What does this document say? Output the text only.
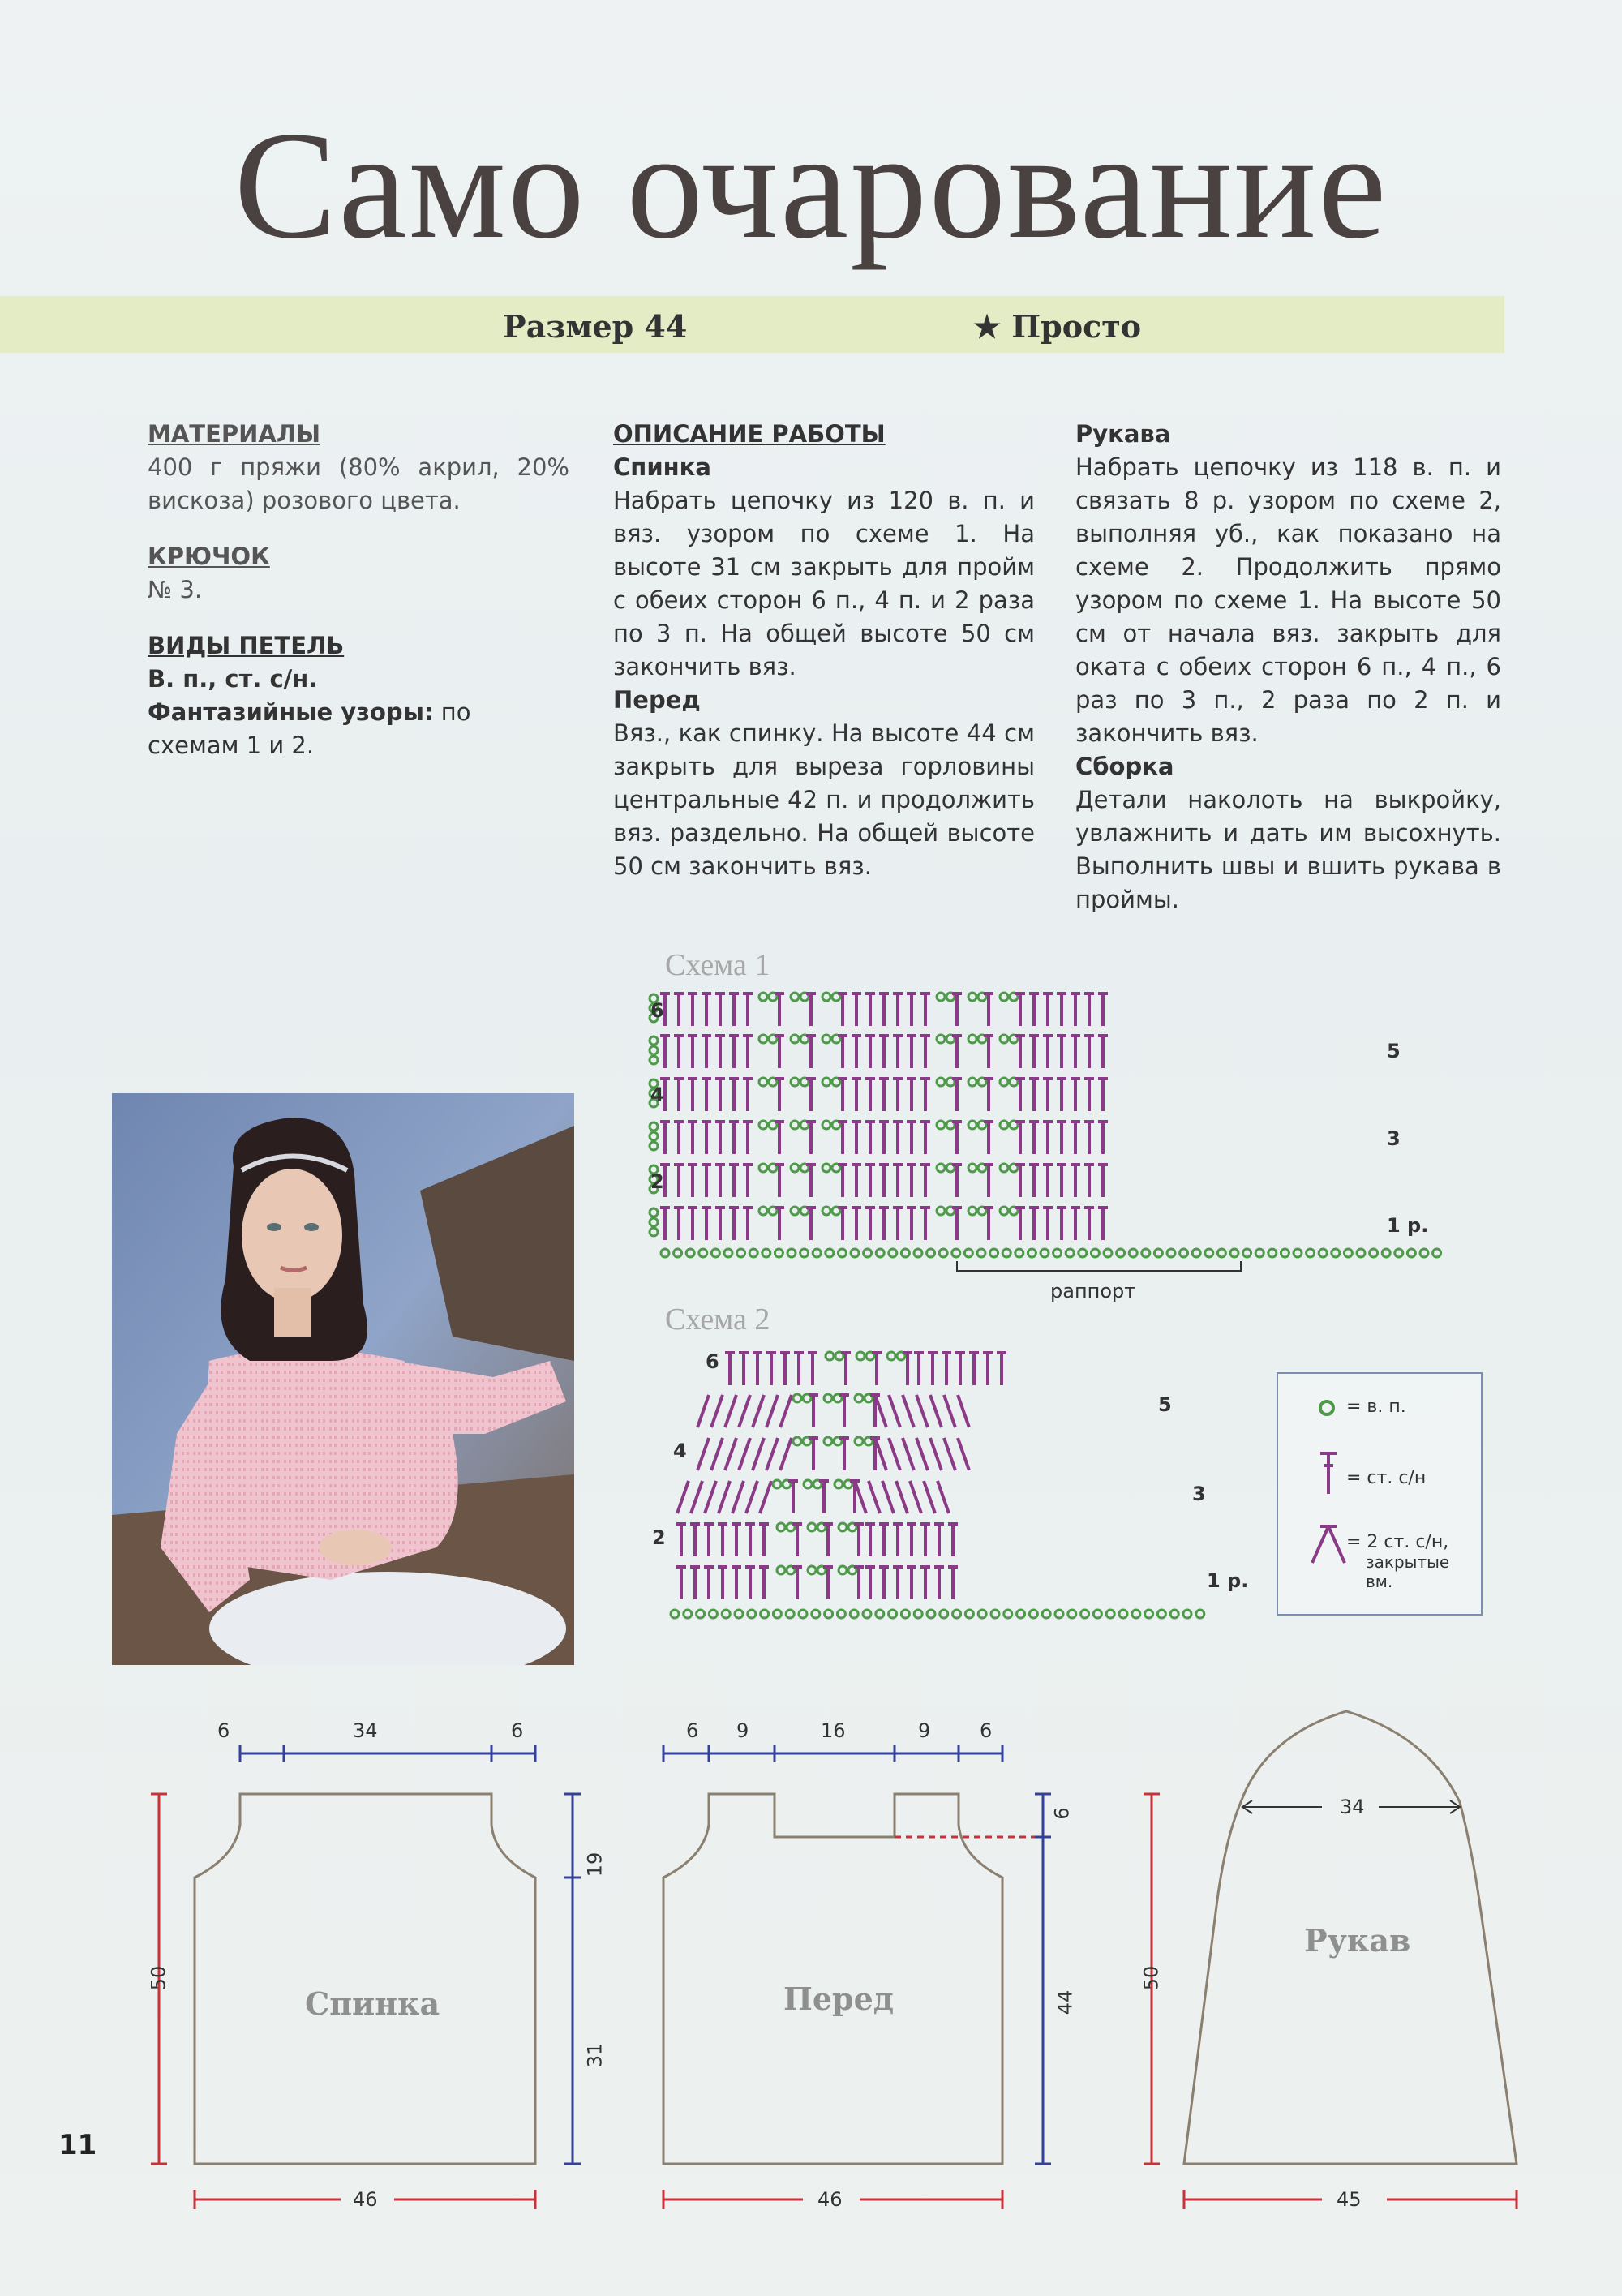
Само очарование
Размер 44	★ Просто
МАТЕРИАЛЫ
400 г пряжи (80% акрил, 20% вискоза) розового цвета.
КРЮЧОК
№ 3.
ВИДЫ ПЕТЕЛЬ
В. п., ст. с/н.
Фантазийные узоры: по схемам 1 и 2.
ОПИСАНИЕ РАБОТЫ
Спинка
Набрать цепочку из 120 в. п. и вяз. узором по схеме 1. На высоте 31 см закрыть для пройм с обеих сторон 6 п., 4 п. и 2 раза по 3 п. На общей высоте 50 см закончить вяз.
Перед
Вяз., как спинку. На высоте 44 см закрыть для выреза горловины центральные 42 п. и продолжить вяз. раздельно. На общей высоте 50 см закончить вяз.
Рукава
Набрать цепочку из 118 в. п. и связать 8 р. узором по схеме 2, выполняя уб., как показано на схеме 2. Продолжить прямо узором по схеме 1. На высоте 50 см от начала вяз. закрыть для оката с обеих сторон 6 п., 4 п., 6 раз по 3 п., 2 раза по 2 п. и закончить вяз.
Сборка
Детали наколоть на выкройку, увлажнить и дать им высохнуть. Выполнить швы и вшить рукава в проймы.
Схема 1
раппорт
6
5
4
3
2
1 р.
Схема 2
6
5
4
3
2
1 р.
= в. п.
= ст. с/н
= 2 ст. с/н,
закрытые
вм.
Спинка	Перед
Рукав
6	34	6
50
19
31
46
6 9	16	9	6
6
44
46
34
50
45
11
